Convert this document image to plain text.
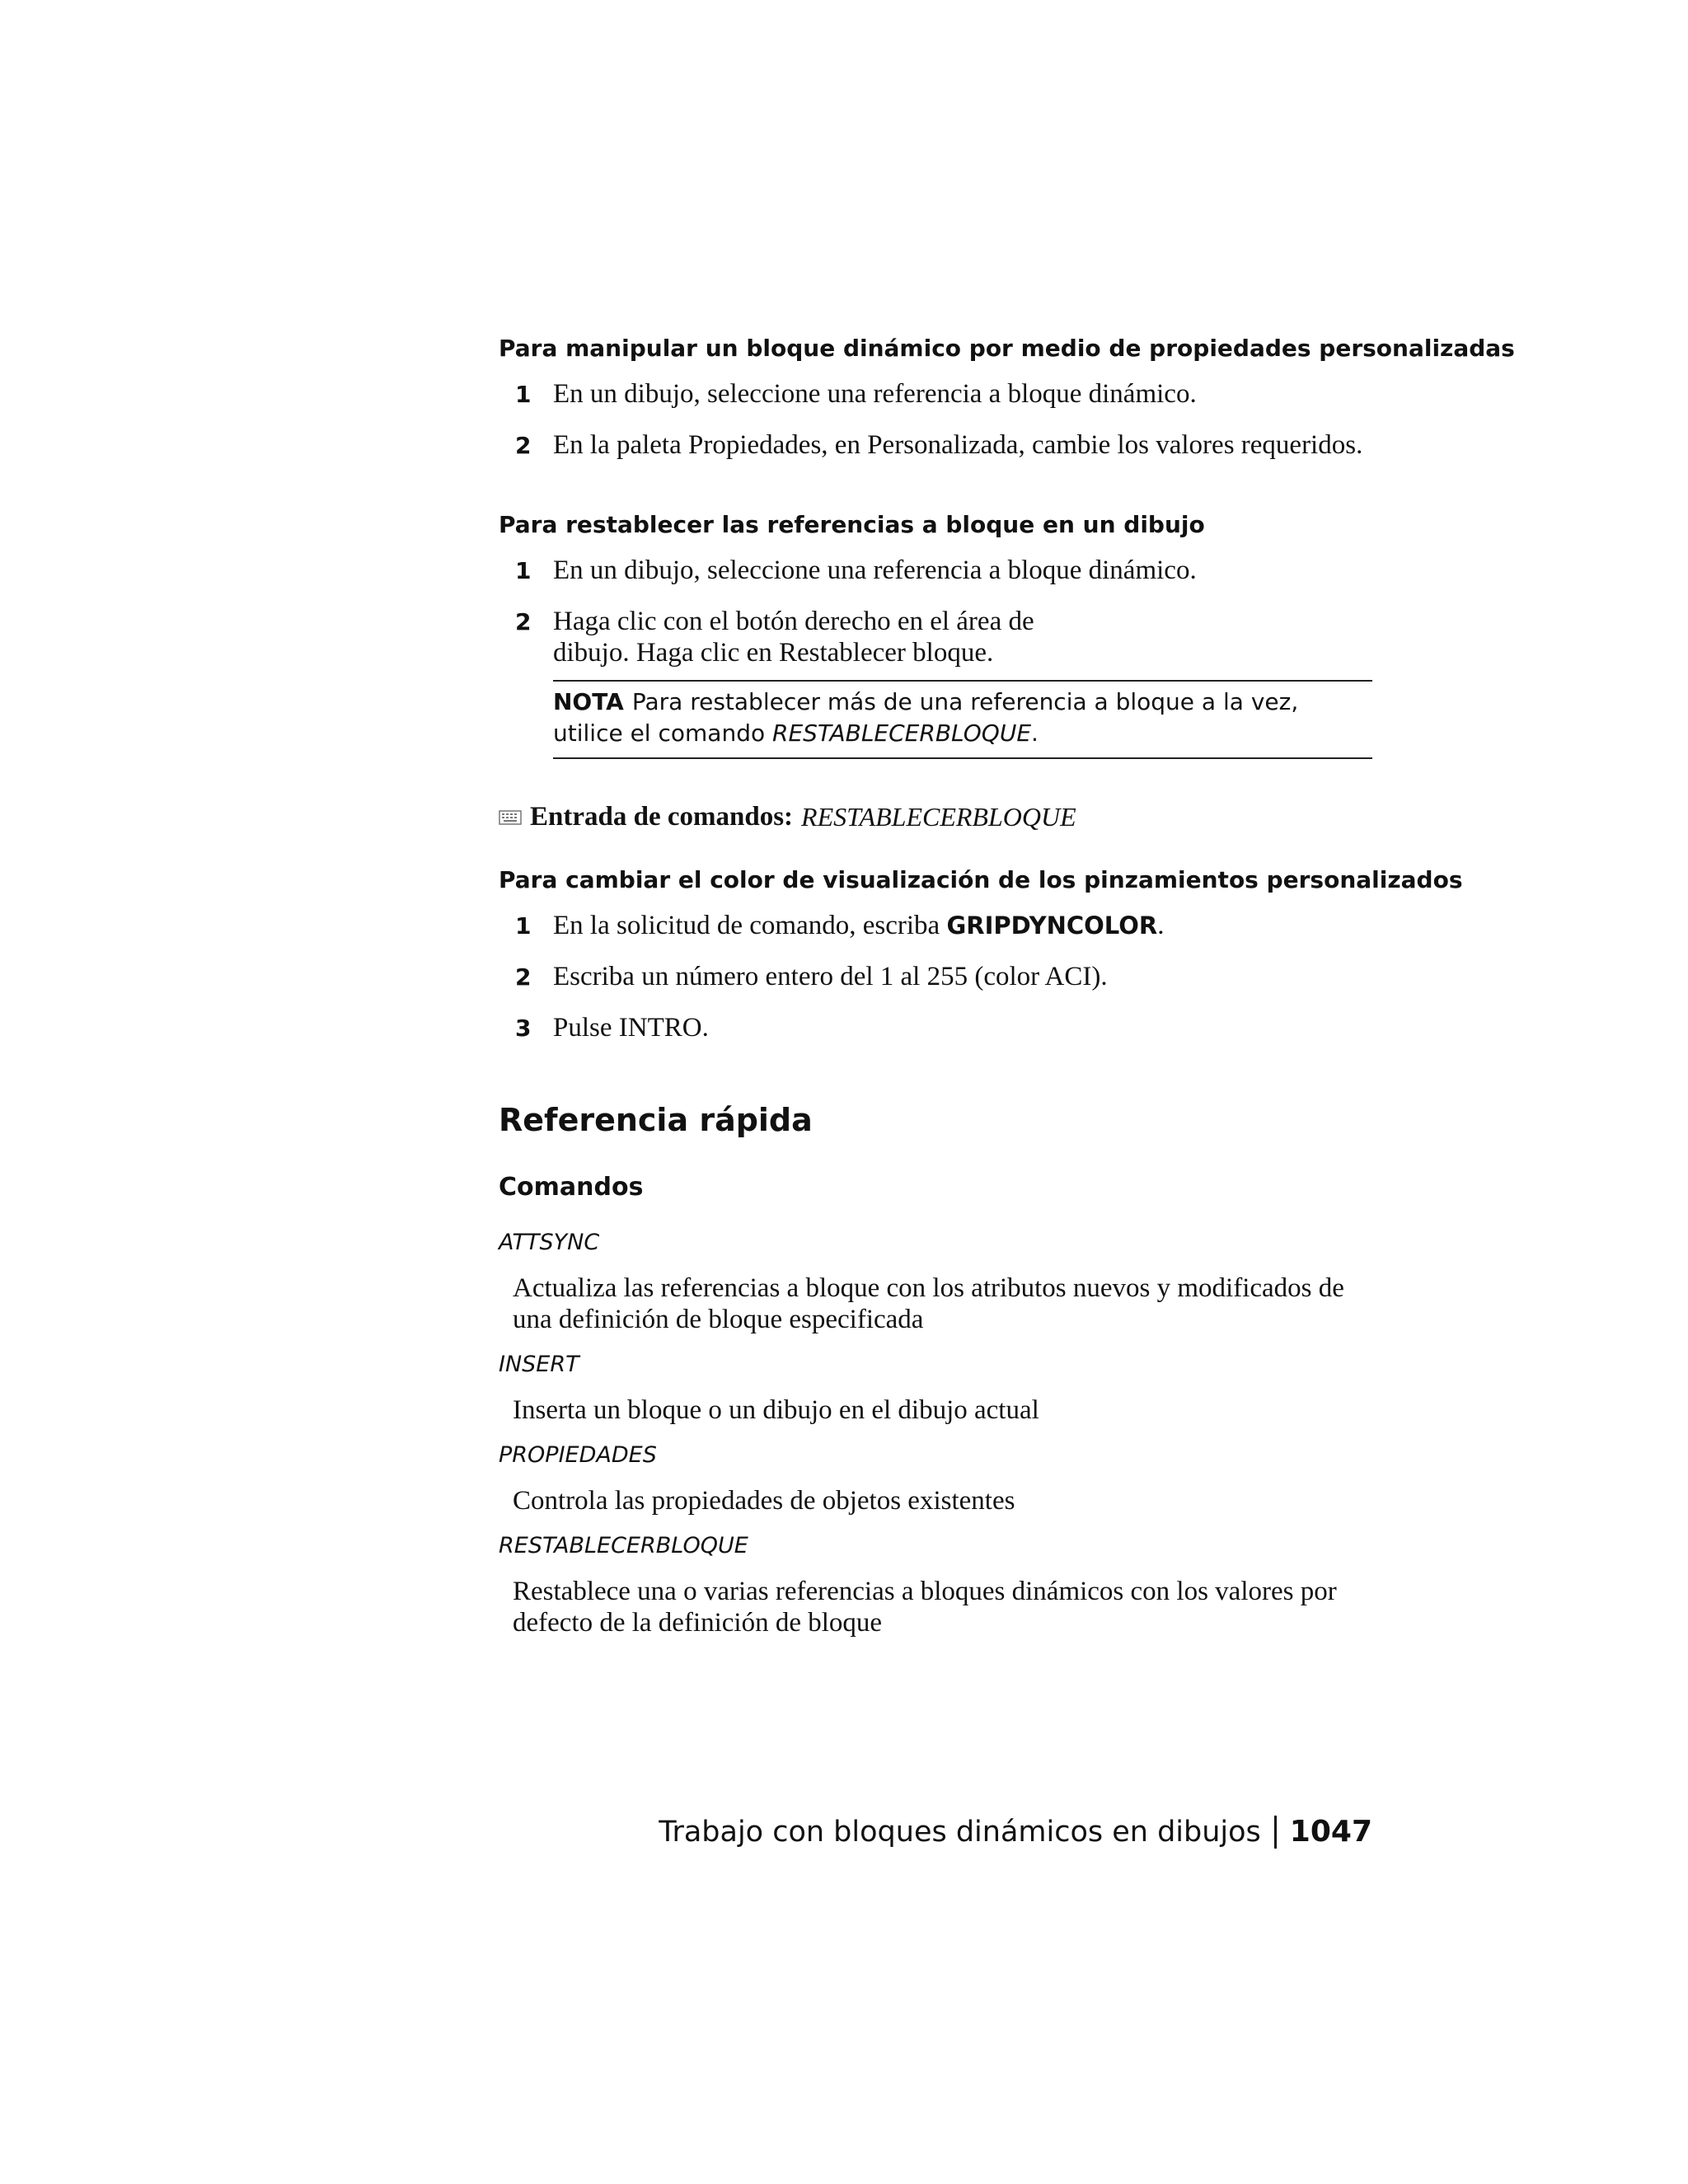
Para manipular un bloque dinámico por medio de propiedades personalizadas
1 En un dibujo, seleccione una referencia a bloque dinámico.
2 En la paleta Propiedades, en Personalizada, cambie los valores requeridos.
Para restablecer las referencias a bloque en un dibujo
1 En un dibujo, seleccione una referencia a bloque dinámico.
2 Haga clic con el botón derecho en el área de dibujo. Haga clic en Restablecer bloque.
NOTA Para restablecer más de una referencia a bloque a la vez, utilice el comando RESTABLECERBLOQUE.
Entrada de comandos: RESTABLECERBLOQUE
Para cambiar el color de visualización de los pinzamientos personalizados
1 En la solicitud de comando, escriba GRIPDYNCOLOR.
2 Escriba un número entero del 1 al 255 (color ACI).
3 Pulse INTRO.
Referencia rápida
Comandos
ATTSYNC
Actualiza las referencias a bloque con los atributos nuevos y modificados de una definición de bloque especificada
INSERT
Inserta un bloque o un dibujo en el dibujo actual
PROPIEDADES
Controla las propiedades de objetos existentes
RESTABLECERBLOQUE
Restablece una o varias referencias a bloques dinámicos con los valores por defecto de la definición de bloque
Trabajo con bloques dinámicos en dibujos 1047
